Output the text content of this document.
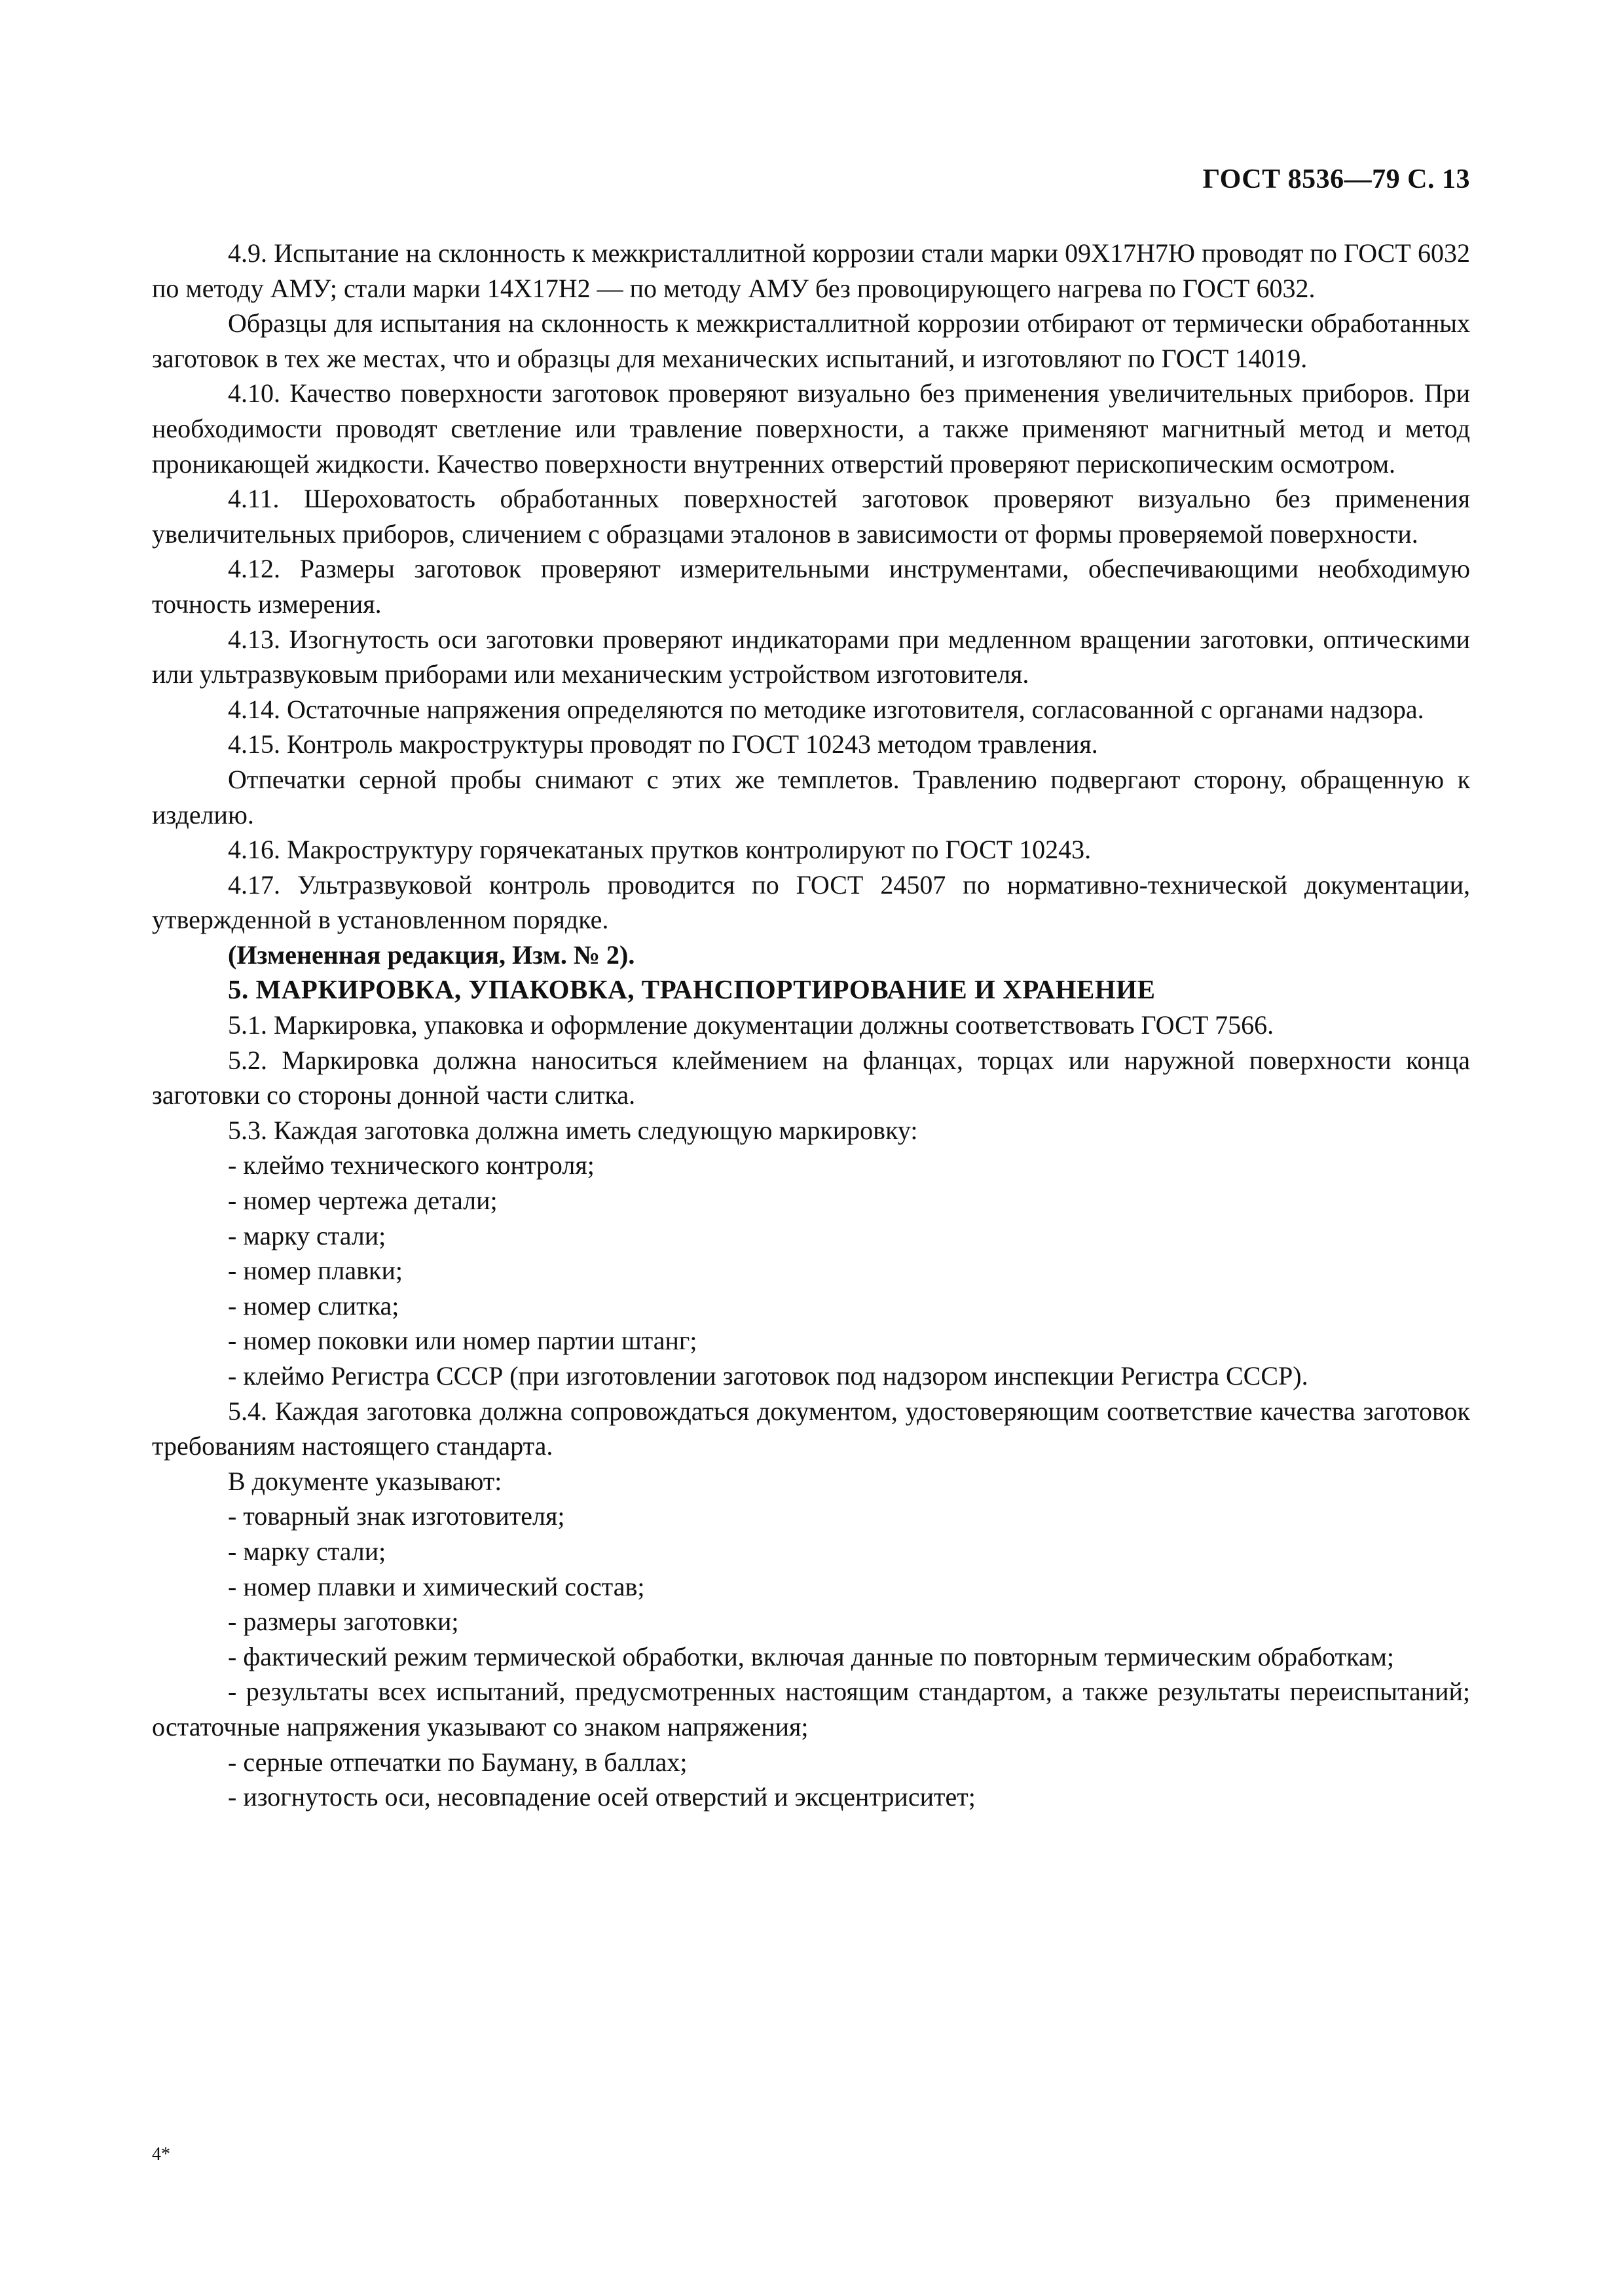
ГОСТ 8536—79 С. 13

4.9. Испытание на склонность к межкристаллитной коррозии стали марки 09Х17Н7Ю проводят по ГОСТ 6032 по методу АМУ; стали марки 14Х17Н2 — по методу АМУ без провоцирующего нагрева по ГОСТ 6032.

Образцы для испытания на склонность к межкристаллитной коррозии отбирают от термически обработанных заготовок в тех же местах, что и образцы для механических испытаний, и изготовляют по ГОСТ 14019.

4.10. Качество поверхности заготовок проверяют визуально без применения увеличительных приборов. При необходимости проводят светление или травление поверхности, а также применяют магнитный метод и метод проникающей жидкости. Качество поверхности внутренних отверстий проверяют перископическим осмотром.

4.11. Шероховатость обработанных поверхностей заготовок проверяют визуально без применения увеличительных приборов, сличением с образцами эталонов в зависимости от формы проверяемой поверхности.

4.12. Размеры заготовок проверяют измерительными инструментами, обеспечивающими необходимую точность измерения.

4.13. Изогнутость оси заготовки проверяют индикаторами при медленном вращении заготовки, оптическими или ультразвуковым приборами или механическим устройством изготовителя.

4.14. Остаточные напряжения определяются по методике изготовителя, согласованной с органами надзора.

4.15. Контроль макроструктуры проводят по ГОСТ 10243 методом травления.

Отпечатки серной пробы снимают с этих же темплетов. Травлению подвергают сторону, обращенную к изделию.

4.16. Макроструктуру горячекатаных прутков контролируют по ГОСТ 10243.

4.17. Ультразвуковой контроль проводится по ГОСТ 24507 по нормативно-технической документации, утвержденной в установленном порядке.

(Измененная редакция, Изм. № 2).

5. МАРКИРОВКА, УПАКОВКА, ТРАНСПОРТИРОВАНИЕ И ХРАНЕНИЕ

5.1. Маркировка, упаковка и оформление документации должны соответствовать ГОСТ 7566.

5.2. Маркировка должна наноситься клеймением на фланцах, торцах или наружной поверхности конца заготовки со стороны донной части слитка.

5.3. Каждая заготовка должна иметь следующую маркировку:

- клеймо технического контроля;

- номер чертежа детали;

- марку стали;

- номер плавки;

- номер слитка;

- номер поковки или номер партии штанг;

- клеймо Регистра СССР (при изготовлении заготовок под надзором инспекции Регистра СССР).

5.4. Каждая заготовка должна сопровождаться документом, удостоверяющим соответствие качества заготовок требованиям настоящего стандарта.

В документе указывают:

- товарный знак изготовителя;

- марку стали;

- номер плавки и химический состав;

- размеры заготовки;

- фактический режим термической обработки, включая данные по повторным термическим обработкам;

- результаты всех испытаний, предусмотренных настоящим стандартом, а также результаты переиспытаний; остаточные напряжения указывают со знаком напряжения;

- серные отпечатки по Бауману, в баллах;

- изогнутость оси, несовпадение осей отверстий и эксцентриситет;

4*
